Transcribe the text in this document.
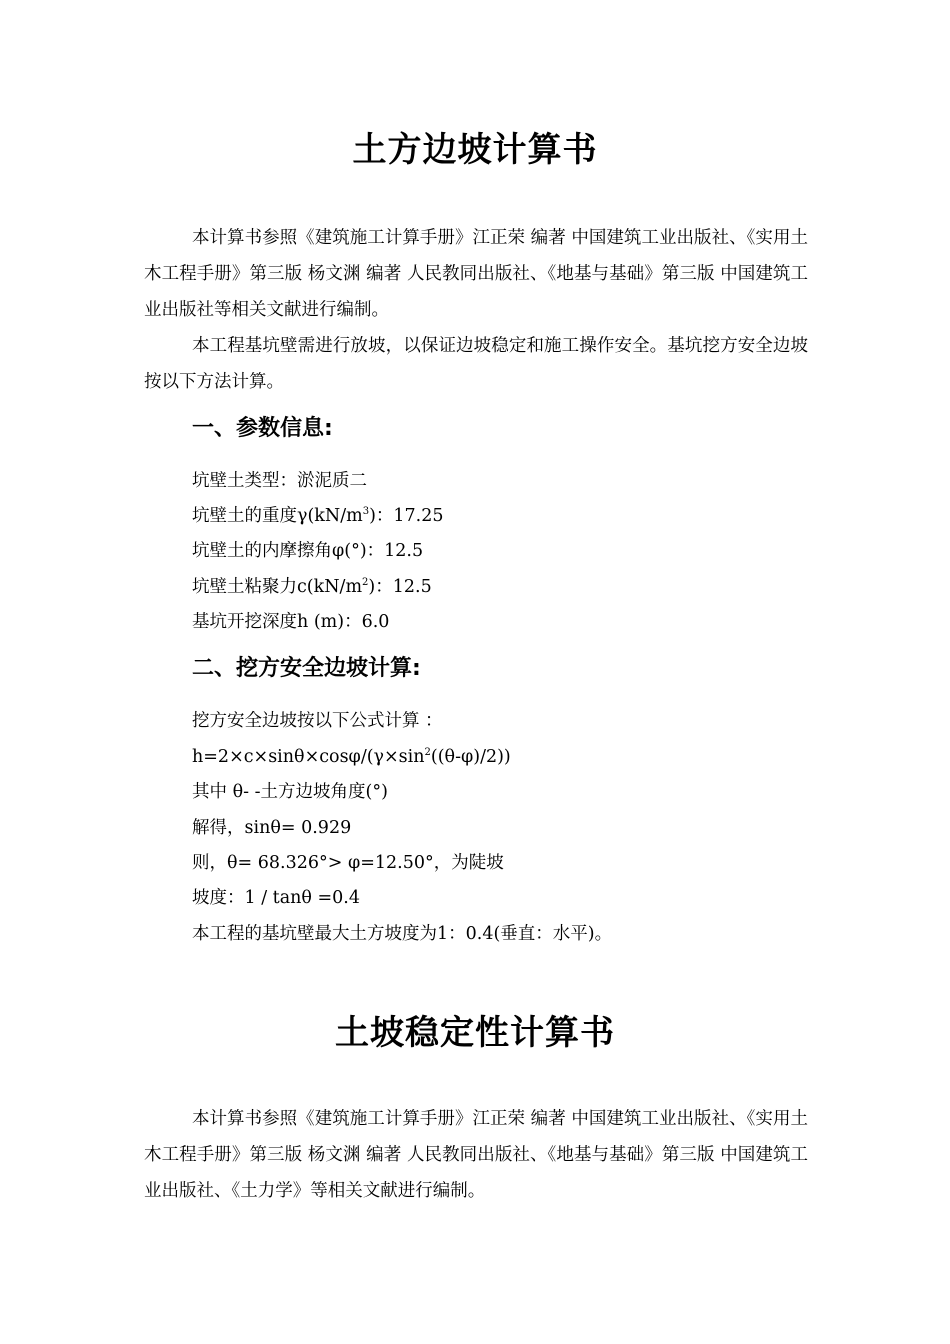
土方边坡计算书
本计算书参照《建筑施工计算手册》江正荣 编著 中国建筑工业出版社、《实用土木工程手册》第三版 杨文渊 编著 人民教同出版社、《地基与基础》第三版 中国建筑工业出版社等相关文献进行编制。
本工程基坑壁需进行放坡，以保证边坡稳定和施工操作安全。基坑挖方安全边坡按以下方法计算。
一、参数信息:
坑壁土类型：淤泥质二
坑壁土的重度$\gamma(kN/m^3)$：17.25
坑壁土的内摩擦角φ(°)：12.5
坑壁土粘聚力$c(kN/m^2)$：12.5
基坑开挖深度h (m)：6.0
二、挖方安全边坡计算:
挖方安全边坡按以下公式计算 ：
$h=2\times c\times\sin\theta\times\cos\varphi/(\gamma\times\sin^2((\theta-\varphi)/2))$
其中 θ- -土方边坡角度(°)
解得，sinθ= 0.929
则，θ= 68.326°> φ=12.50°，为陡坡
坡度：1 / tanθ =0.4
本工程的基坑壁最大土方坡度为1：0.4(垂直：水平)。
土坡稳定性计算书
本计算书参照《建筑施工计算手册》江正荣 编著 中国建筑工业出版社、《实用土木工程手册》第三版 杨文渊 编著 人民教同出版社、《地基与基础》第三版 中国建筑工业出版社、《土力学》等相关文献进行编制。
